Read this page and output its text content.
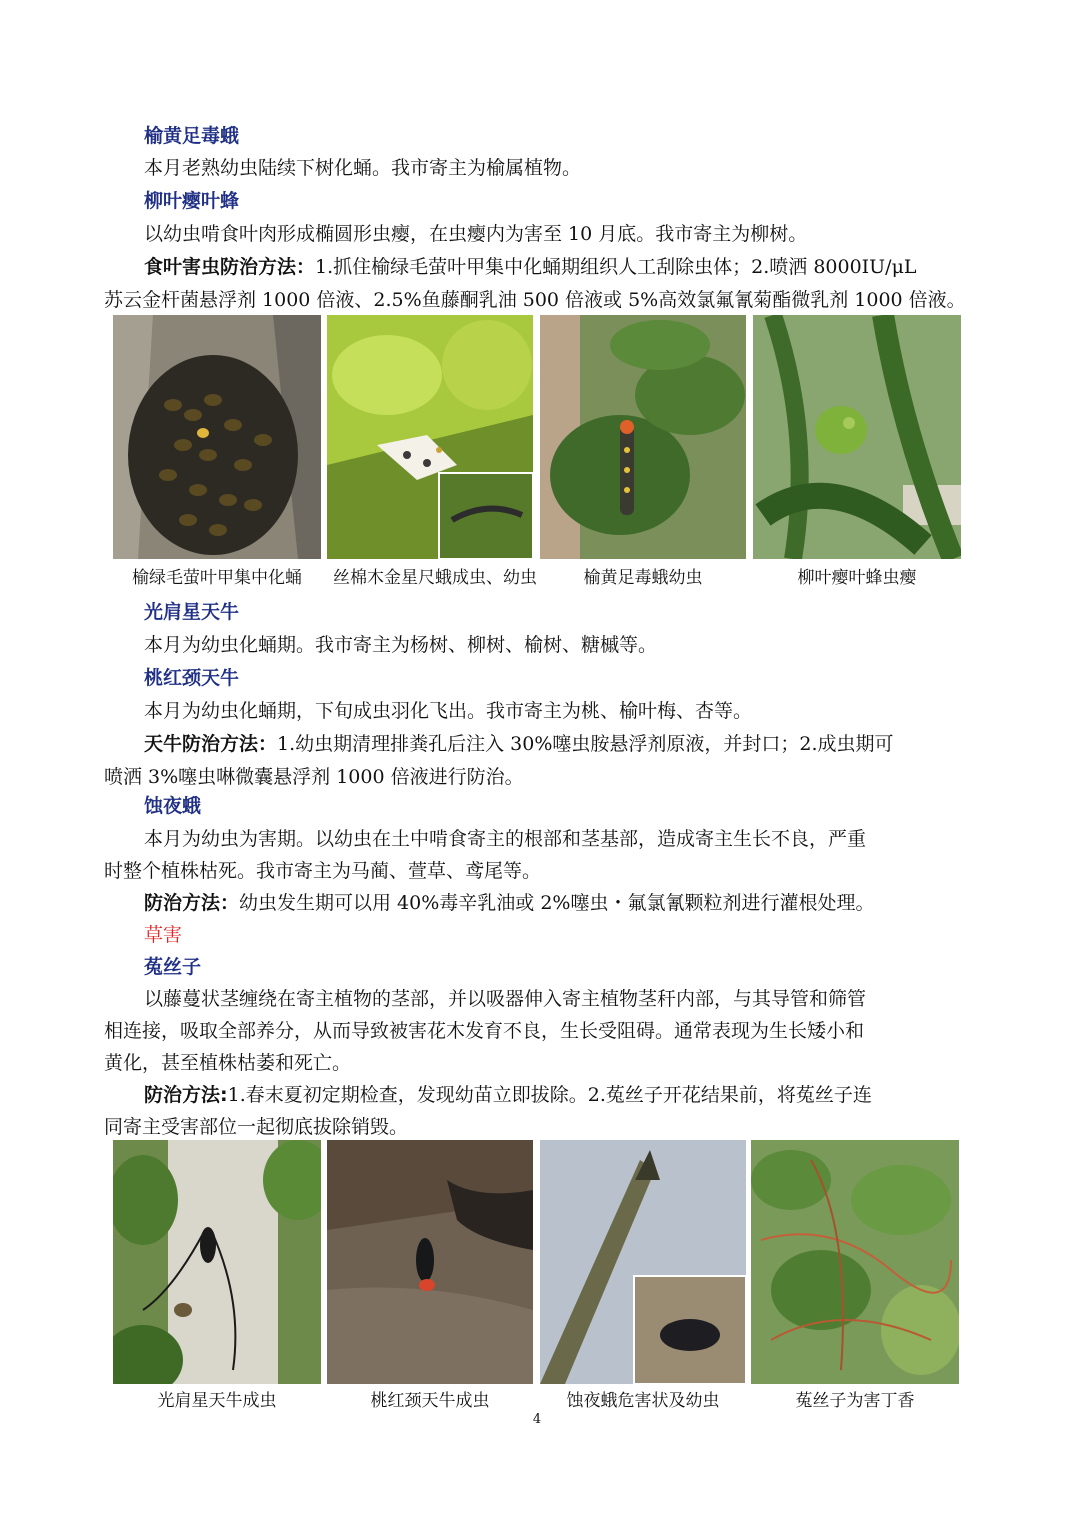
榆黄足毒蛾
本月老熟幼虫陆续下树化蛹。我市寄主为榆属植物。
柳叶瘿叶蜂
以幼虫啃食叶肉形成椭圆形虫瘿，在虫瘿内为害至 10 月底。我市寄主为柳树。
食叶害虫防治方法：1.抓住榆绿毛萤叶甲集中化蛹期组织人工刮除虫体；2.喷洒 8000IU/μL
苏云金杆菌悬浮剂 1000 倍液、2.5%鱼藤酮乳油 500 倍液或 5%高效氯氟氰菊酯微乳剂 1000 倍液。
榆绿毛萤叶甲集中化蛹	丝棉木金星尺蛾成虫、幼虫	榆黄足毒蛾幼虫	柳叶瘿叶蜂虫瘿
光肩星天牛
本月为幼虫化蛹期。我市寄主为杨树、柳树、榆树、糖槭等。
桃红颈天牛
本月为幼虫化蛹期，下旬成虫羽化飞出。我市寄主为桃、榆叶梅、杏等。
天牛防治方法：1.幼虫期清理排粪孔后注入 30%噻虫胺悬浮剂原液，并封口；2.成虫期可
喷洒 3%噻虫啉微囊悬浮剂 1000 倍液进行防治。
蚀夜蛾
本月为幼虫为害期。以幼虫在土中啃食寄主的根部和茎基部，造成寄主生长不良，严重
时整个植株枯死。我市寄主为马蔺、萱草、鸢尾等。
防治方法：幼虫发生期可以用 40%毒辛乳油或 2%噻虫・氟氯氰颗粒剂进行灌根处理。
草害
菟丝子
以藤蔓状茎缠绕在寄主植物的茎部，并以吸器伸入寄主植物茎秆内部，与其导管和筛管
相连接，吸取全部养分，从而导致被害花木发育不良，生长受阻碍。通常表现为生长矮小和
黄化，甚至植株枯萎和死亡。
防治方法:1.春末夏初定期检查，发现幼苗立即拔除。2.菟丝子开花结果前，将菟丝子连
同寄主受害部位一起彻底拔除销毁。
光肩星天牛成虫	桃红颈天牛成虫	蚀夜蛾危害状及幼虫	菟丝子为害丁香
4
